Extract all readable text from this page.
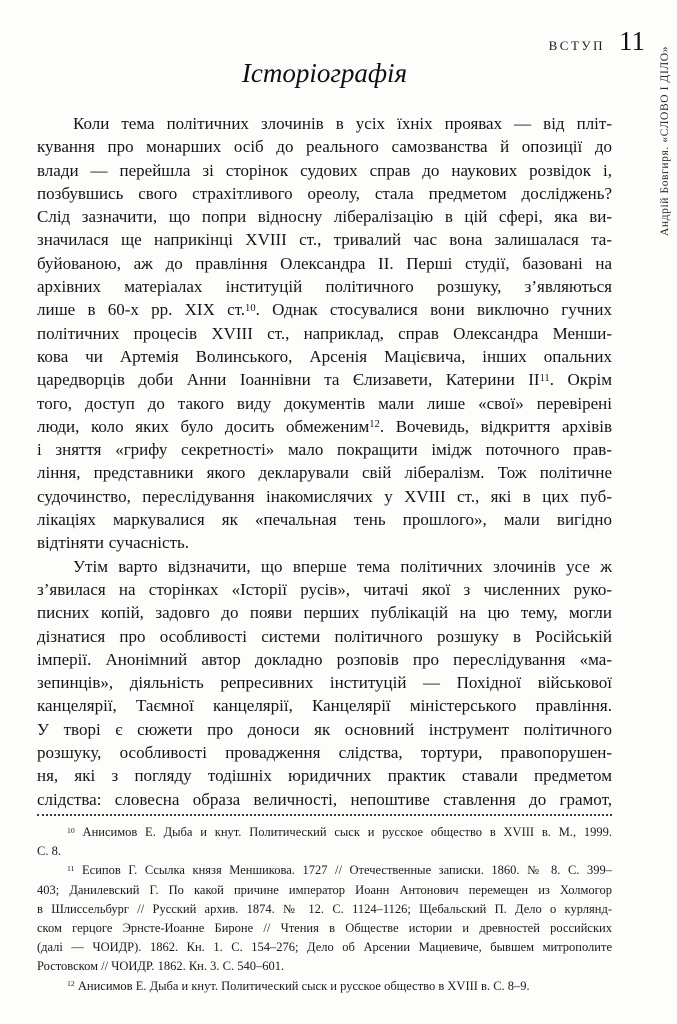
ВСТУП 11
Андрій Бовгиря. «СЛОВО І ДІЛО»
Історіографія
Коли тема політичних злочинів в усіх їхніх проявах — від пліт-
кування про монарших осіб до реального самозванства й опозиції до
влади — перейшла зі сторінок судових справ до наукових розвідок і,
позбувшись свого страхітливого ореолу, стала предметом досліджень?
Слід зазначити, що попри відносну лібералізацію в цій сфері, яка ви-
значилася ще наприкінці XVIII ст., тривалий час вона залишалася та-
буйованою, аж до правління Олександра II. Перші студії, базовані на
архівних матеріалах інституцій політичного розшуку, з’являються
лише в 60-х рр. XIX ст.$^{10}$. Однак стосувалися вони виключно гучних
політичних процесів XVIII ст., наприклад, справ Олександра Менши-
кова чи Артемія Волинського, Арсенія Мацієвича, інших опальних
царедворців доби Анни Іоаннівни та Єлизавети, Катерини II$^{11}$. Окрім
того, доступ до такого виду документів мали лише «свої» перевірені
люди, коло яких було досить обмеженим$^{12}$. Вочевидь, відкриття архівів
і зняття «грифу секретності» мало покращити імідж поточного прав-
ління, представники якого декларували свій лібералізм. Тож політичне
судочинство, переслідування інакомислячих у XVIII ст., які в цих пуб-
лікаціях маркувалися як «печальная тень прошлого», мали вигідно
відтіняти сучасність.
Утім варто відзначити, що вперше тема політичних злочинів усе ж
з’явилася на сторінках «Історії русів», читачі якої з численних руко-
писних копій, задовго до появи перших публікацій на цю тему, могли
дізнатися про особливості системи політичного розшуку в Російській
імперії. Анонімний автор докладно розповів про переслідування «ма-
зепинців», діяльність репресивних інституцій — Похідної військової
канцелярії, Таємної канцелярії, Канцелярії міністерського правління.
У творі є сюжети про доноси як основний інструмент політичного
розшуку, особливості провадження слідства, тортури, правопорушен-
ня, які з погляду тодішніх юридичних практик ставали предметом
слідства: словесна образа величності, непоштиве ставлення до грамот,
$^{10}$ Анисимов Е. Дыба и кнут. Политический сыск и русское общество в XVIII в. М., 1999.
С. 8.
$^{11}$ Есипов Г. Ссылка князя Меншикова. 1727 // Отечественные записки. 1860. № 8. С. 399–
403; Данилевский Г. По какой причине император Иоанн Антонович перемещен из Холмогор
в Шлиссельбург // Русский архив. 1874. № 12. С. 1124–1126; Щебальский П. Дело о курлянд-
ском герцоге Эрнсте-Иоанне Бироне // Чтения в Обществе истории и древностей российских
(далі — ЧОИДР). 1862. Кн. 1. С. 154–276; Дело об Арсении Мациевиче, бывшем митрополите
Ростовском // ЧОИДР. 1862. Кн. 3. С. 540–601.
$^{12}$ Анисимов Е. Дыба и кнут. Политический сыск и русское общество в XVIII в. С. 8–9.
